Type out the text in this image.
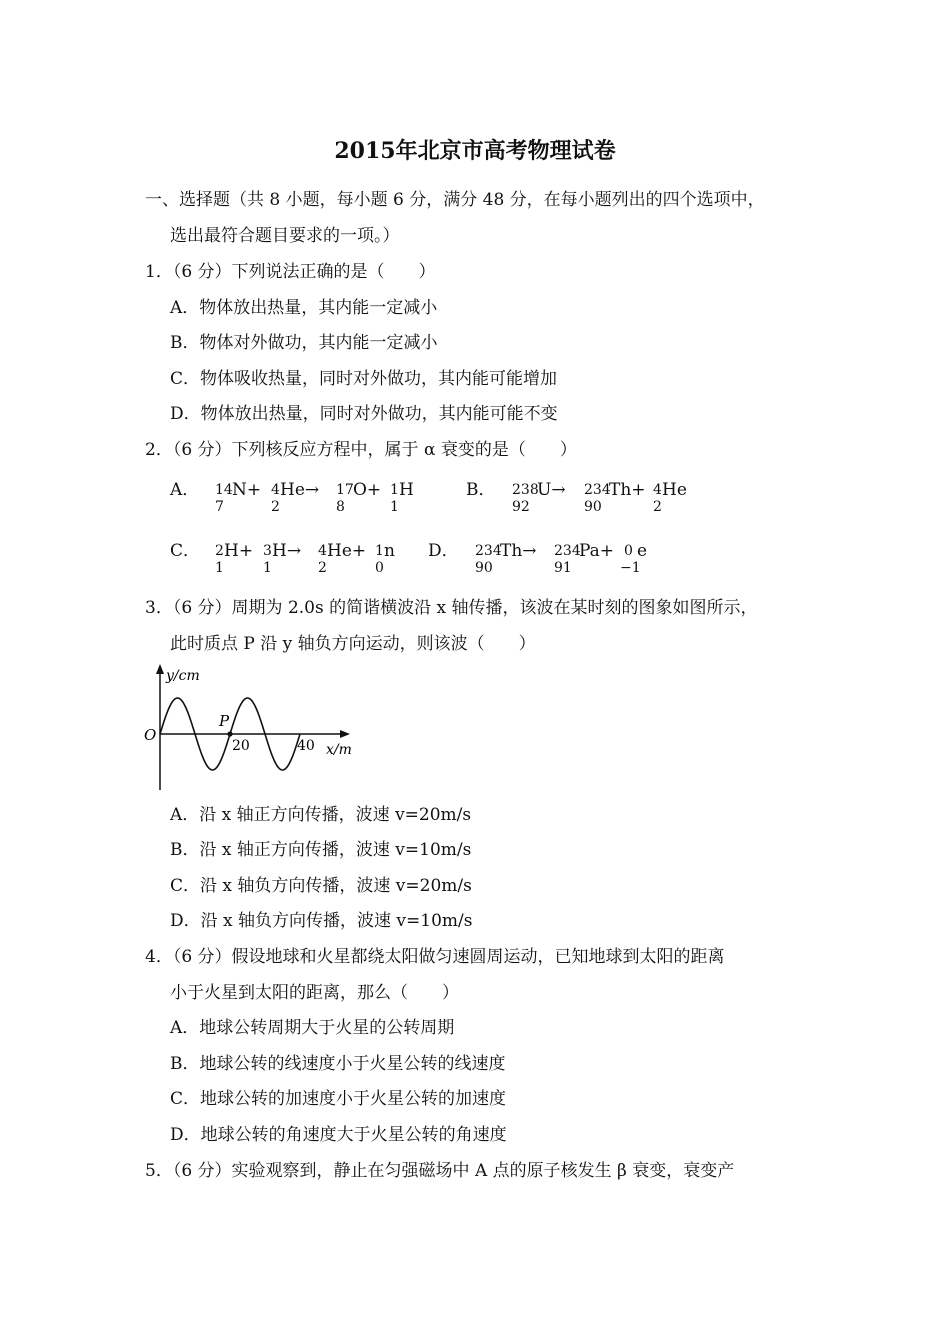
2015年北京市高考物理试卷
一、选择题（共 8 小题，每小题 6 分，满分 48 分，在每小题列出的四个选项中，
选出最符合题目要求的一项。）
1．（6 分）下列说法正确的是（　　）
A．物体放出热量，其内能一定减小
B．物体对外做功，其内能一定减小
C．物体吸收热量，同时对外做功，其内能可能增加
D．物体放出热量，同时对外做功，其内能可能不变
2．（6 分）下列核反应方程中，属于 α 衰变的是（　　）
A． 14
7
N+ 4
2
He→ 17
8
O+ 1
1
H	B． 238
92
U→ 234
90
Th+ 4
2
He
C． 2
1
H+ 3
1
H→ 4
2
He+ 1
0
n D． 234
90
Th→ 234
91
Pa+ 0
−1
e
3．（6 分）周期为 2.0s 的简谐横波沿 x 轴传播，该波在某时刻的图象如图所示，
此时质点 P 沿 y 轴负方向运动，则该波（　　）
y/cm
x/m
O
P
20	40
A．沿 x 轴正方向传播，波速 v=20m/s
B．沿 x 轴正方向传播，波速 v=10m/s
C．沿 x 轴负方向传播，波速 v=20m/s
D．沿 x 轴负方向传播，波速 v=10m/s
4．（6 分）假设地球和火星都绕太阳做匀速圆周运动，已知地球到太阳的距离
小于火星到太阳的距离，那么（　　）
A．地球公转周期大于火星的公转周期
B．地球公转的线速度小于火星公转的线速度
C．地球公转的加速度小于火星公转的加速度
D．地球公转的角速度大于火星公转的角速度
5．（6 分）实验观察到，静止在匀强磁场中 A 点的原子核发生 β 衰变，衰变产
